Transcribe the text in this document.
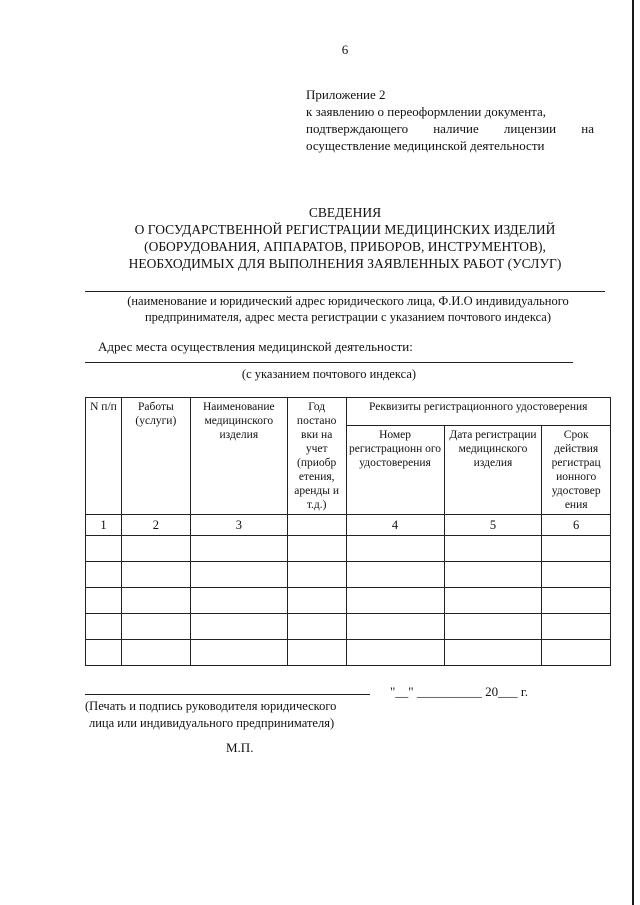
6
Приложение 2
к заявлению о переоформлении документа,
подтверждающего наличие лицензии на
осуществление медицинской деятельности
СВЕДЕНИЯ
О ГОСУДАРСТВЕННОЙ РЕГИСТРАЦИИ МЕДИЦИНСКИХ ИЗДЕЛИЙ
(ОБОРУДОВАНИЯ, АППАРАТОВ, ПРИБОРОВ, ИНСТРУМЕНТОВ),
НЕОБХОДИМЫХ ДЛЯ ВЫПОЛНЕНИЯ ЗАЯВЛЕННЫХ РАБОТ (УСЛУГ)
(наименование и юридический адрес юридического лица, Ф.И.О индивидуального
предпринимателя, адрес места регистрации с указанием почтового индекса)
Адрес места осуществления медицинской деятельности:
(с указанием почтового индекса)
N п/п	Работы (услуги)	Наименование медицинского изделия	Год постано вки на учет (приобр етения, аренды и т.д.)	Реквизиты регистрационного удостоверения		
				Номер регистрационн ого удостоверения	Дата регистрации медицинского изделия	Срок действия регистрац ионного удостовер ения
1	2	3		4	5	6

(Печать и подпись руководителя юридического
лица или индивидуального предпринимателя)
"__" __________ 20___ г.
М.П.
